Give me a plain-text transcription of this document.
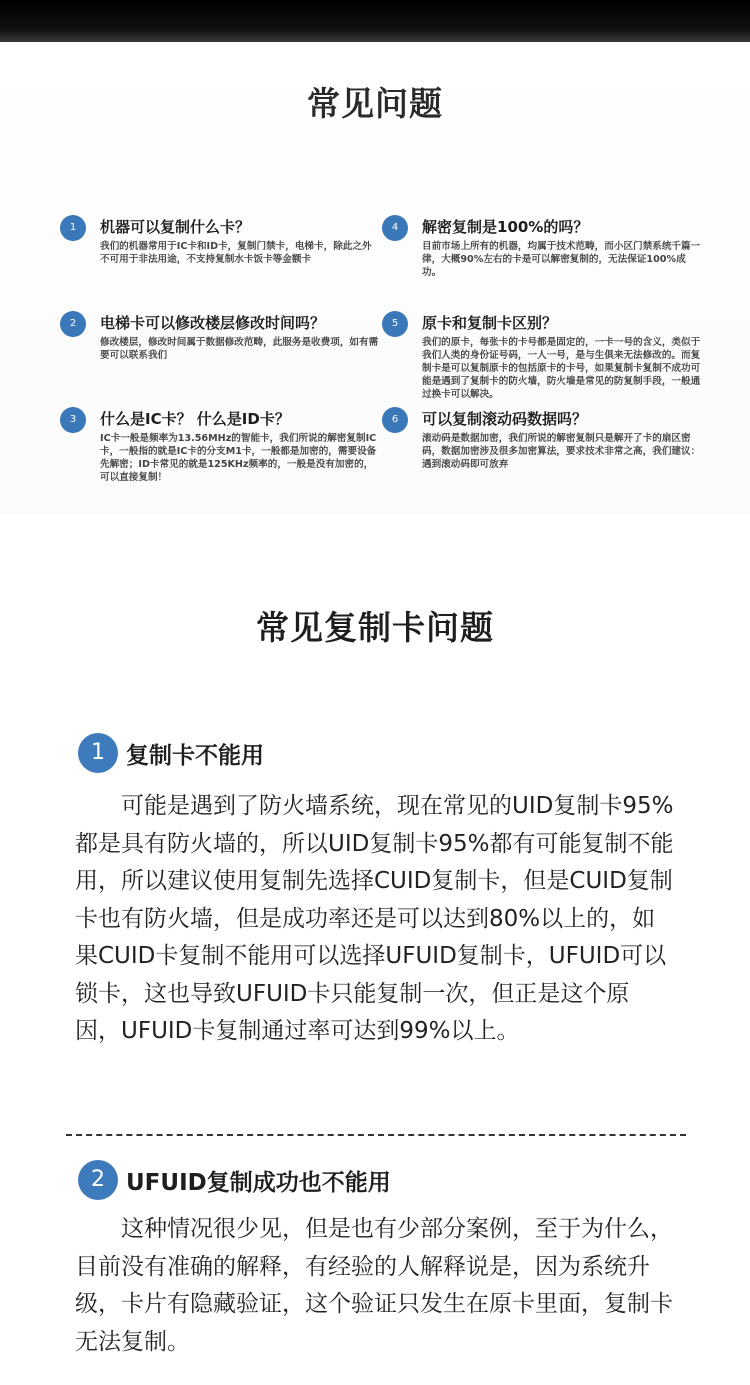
常见问题
1	机器可以复制什么卡？
我们的机器常用于IC卡和ID卡，复制门禁卡，电梯卡，除此之外不可用于非法用途，不支持复制水卡饭卡等金额卡
2	电梯卡可以修改楼层修改时间吗？
修改楼层，修改时间属于数据修改范畴，此服务是收费项，如有需要可以联系我们
3	什么是IC卡？ 什么是ID卡？
IC卡一般是频率为13.56MHz的智能卡，我们所说的解密复制IC卡，一般指的就是IC卡的分支M1卡，一般都是加密的，需要设备先解密；ID卡常见的就是125KHz频率的，一般是没有加密的，可以直接复制！
4	解密复制是100%的吗？
目前市场上所有的机器，均属于技术范畴，而小区门禁系统千篇一律，大概90%左右的卡是可以解密复制的，无法保证100%成功。
5	原卡和复制卡区别？
我们的原卡，每张卡的卡号都是固定的，一卡一号的含义，类似于我们人类的身份证号码，一人一号，是与生俱来无法修改的。而复制卡是可以复制原卡的包括原卡的卡号，如果复制卡复制不成功可能是遇到了复制卡的防火墙，防火墙是常见的防复制手段，一般通过换卡可以解决。
6	可以复制滚动码数据吗？
滚动码是数据加密，我们所说的解密复制只是解开了卡的扇区密码，数据加密涉及很多加密算法，要求技术非常之高，我们建议：遇到滚动码即可放弃
常见复制卡问题
1 复制卡不能用
可能是遇到了防火墙系统，现在常见的UID复制卡95%都是具有防火墙的，所以UID复制卡95%都有可能复制不能用，所以建议使用复制先选择CUID复制卡，但是CUID复制卡也有防火墙，但是成功率还是可以达到80%以上的，如果CUID卡复制不能用可以选择UFUID复制卡，UFUID可以锁卡，这也导致UFUID卡只能复制一次，但正是这个原因，UFUID卡复制通过率可达到99%以上。
2 UFUID复制成功也不能用
这种情况很少见，但是也有少部分案例，至于为什么，目前没有准确的解释，有经验的人解释说是，因为系统升级，卡片有隐藏验证，这个验证只发生在原卡里面，复制卡无法复制。
